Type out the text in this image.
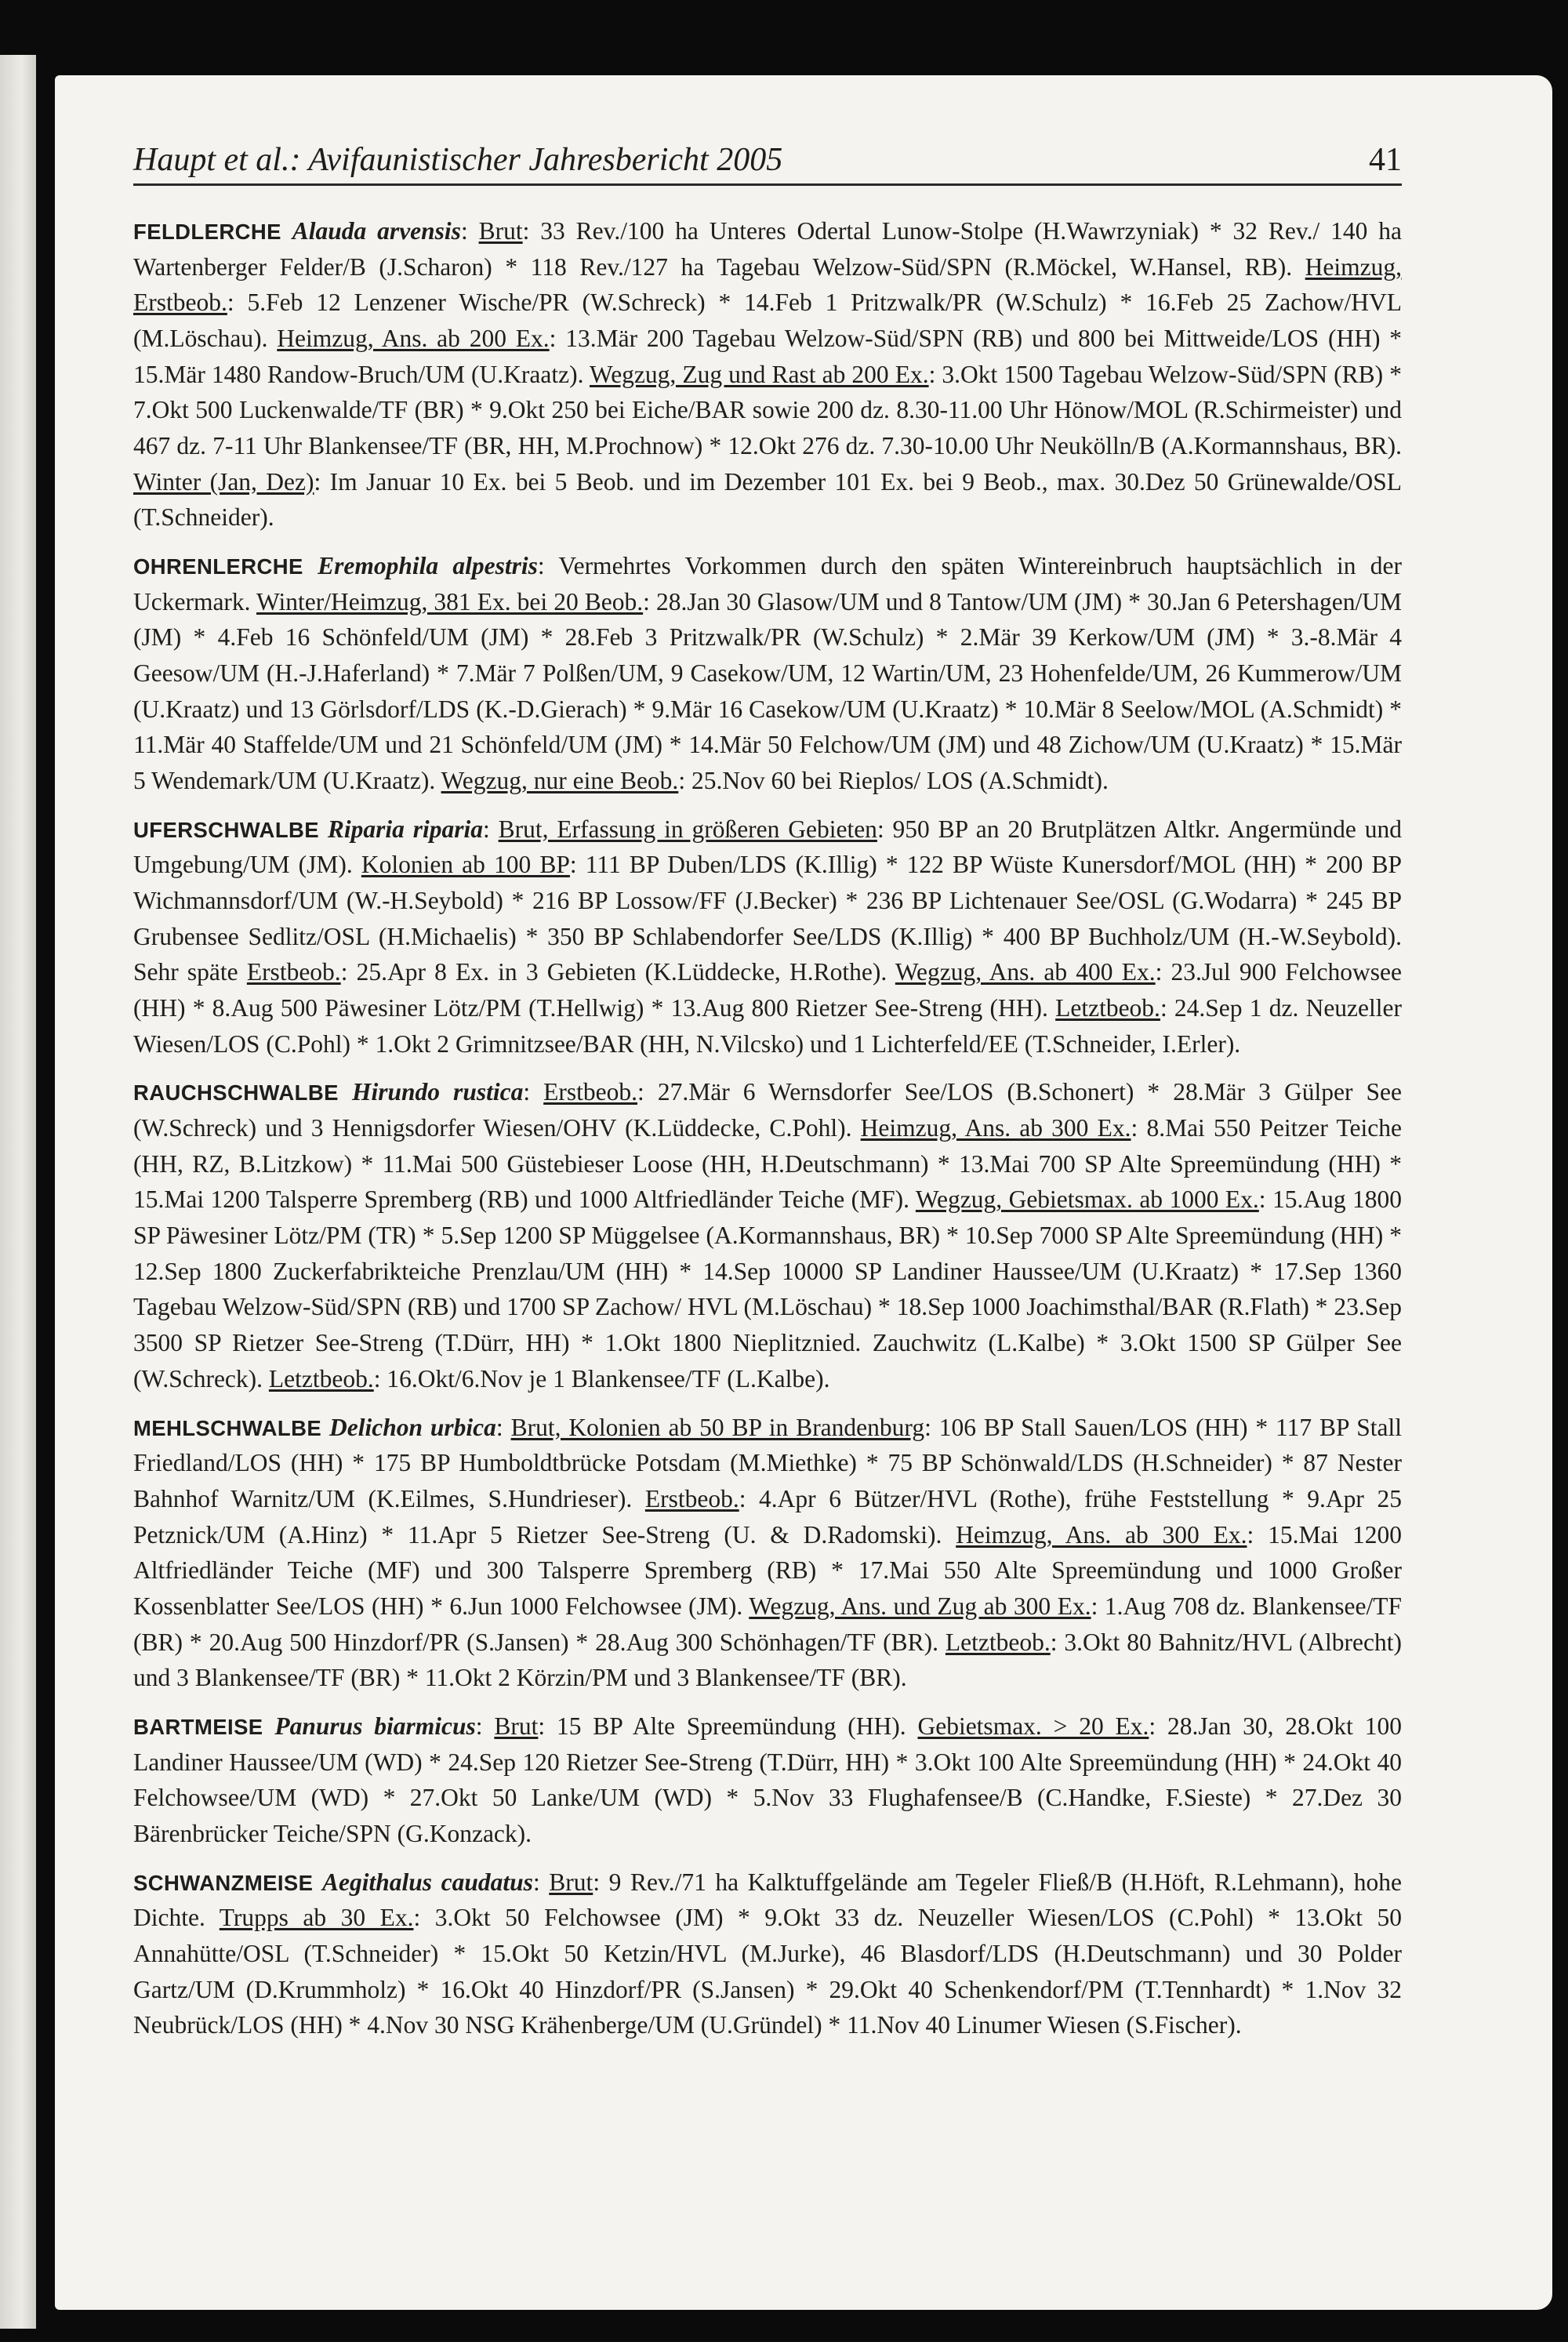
Haupt et al.: Avifaunistischer Jahresbericht 2005	41

FELDLERCHE Alauda arvensis: Brut: 33 Rev./100 ha Unteres Odertal Lunow-Stolpe (H.Wawrzyniak) * 32 Rev./ 140 ha Wartenberger Felder/B (J.Scharon) * 118 Rev./127 ha Tagebau Welzow-Süd/SPN (R.Möckel, W.Hansel, RB). Heimzug, Erstbeob.: 5.Feb 12 Lenzener Wische/PR (W.Schreck) * 14.Feb 1 Pritzwalk/PR (W.Schulz) * 16.Feb 25 Zachow/HVL (M.Löschau). Heimzug, Ans. ab 200 Ex.: 13.Mär 200 Tagebau Welzow-Süd/SPN (RB) und 800 bei Mittweide/LOS (HH) * 15.Mär 1480 Randow-Bruch/UM (U.Kraatz). Wegzug, Zug und Rast ab 200 Ex.: 3.Okt 1500 Tagebau Welzow-Süd/SPN (RB) * 7.Okt 500 Luckenwalde/TF (BR) * 9.Okt 250 bei Eiche/BAR sowie 200 dz. 8.30-11.00 Uhr Hönow/MOL (R.Schirmeister) und 467 dz. 7-11 Uhr Blankensee/TF (BR, HH, M.Prochnow) * 12.Okt 276 dz. 7.30-10.00 Uhr Neukölln/B (A.Kormannshaus, BR). Winter (Jan, Dez): Im Januar 10 Ex. bei 5 Beob. und im Dezember 101 Ex. bei 9 Beob., max. 30.Dez 50 Grünewalde/OSL (T.Schneider).

OHRENLERCHE Eremophila alpestris: Vermehrtes Vorkommen durch den späten Wintereinbruch hauptsächlich in der Uckermark. Winter/Heimzug, 381 Ex. bei 20 Beob.: 28.Jan 30 Glasow/UM und 8 Tantow/UM (JM) * 30.Jan 6 Petershagen/UM (JM) * 4.Feb 16 Schönfeld/UM (JM) * 28.Feb 3 Pritzwalk/PR (W.Schulz) * 2.Mär 39 Kerkow/UM (JM) * 3.-8.Mär 4 Geesow/UM (H.-J.Haferland) * 7.Mär 7 Polßen/UM, 9 Casekow/UM, 12 Wartin/UM, 23 Hohenfelde/UM, 26 Kummerow/UM (U.Kraatz) und 13 Görlsdorf/LDS (K.-D.Gierach) * 9.Mär 16 Casekow/UM (U.Kraatz) * 10.Mär 8 Seelow/MOL (A.Schmidt) * 11.Mär 40 Staffelde/UM und 21 Schönfeld/UM (JM) * 14.Mär 50 Felchow/UM (JM) und 48 Zichow/UM (U.Kraatz) * 15.Mär 5 Wendemark/UM (U.Kraatz). Wegzug, nur eine Beob.: 25.Nov 60 bei Rieplos/ LOS (A.Schmidt).

UFERSCHWALBE Riparia riparia: Brut, Erfassung in größeren Gebieten: 950 BP an 20 Brutplätzen Altkr. Angermünde und Umgebung/UM (JM). Kolonien ab 100 BP: 111 BP Duben/LDS (K.Illig) * 122 BP Wüste Kunersdorf/MOL (HH) * 200 BP Wichmannsdorf/UM (W.-H.Seybold) * 216 BP Lossow/FF (J.Becker) * 236 BP Lichtenauer See/OSL (G.Wodarra) * 245 BP Grubensee Sedlitz/OSL (H.Michaelis) * 350 BP Schlabendorfer See/LDS (K.Illig) * 400 BP Buchholz/UM (H.-W.Seybold). Sehr späte Erstbeob.: 25.Apr 8 Ex. in 3 Gebieten (K.Lüddecke, H.Rothe). Wegzug, Ans. ab 400 Ex.: 23.Jul 900 Felchowsee (HH) * 8.Aug 500 Päwesiner Lötz/PM (T.Hellwig) * 13.Aug 800 Rietzer See-Streng (HH). Letztbeob.: 24.Sep 1 dz. Neuzeller Wiesen/LOS (C.Pohl) * 1.Okt 2 Grimnitzsee/BAR (HH, N.Vilcsko) und 1 Lichterfeld/EE (T.Schneider, I.Erler).

RAUCHSCHWALBE Hirundo rustica: Erstbeob.: 27.Mär 6 Wernsdorfer See/LOS (B.Schonert) * 28.Mär 3 Gülper See (W.Schreck) und 3 Hennigsdorfer Wiesen/OHV (K.Lüddecke, C.Pohl). Heimzug, Ans. ab 300 Ex.: 8.Mai 550 Peitzer Teiche (HH, RZ, B.Litzkow) * 11.Mai 500 Güstebieser Loose (HH, H.Deutschmann) * 13.Mai 700 SP Alte Spreemündung (HH) * 15.Mai 1200 Talsperre Spremberg (RB) und 1000 Altfriedländer Teiche (MF). Wegzug, Gebietsmax. ab 1000 Ex.: 15.Aug 1800 SP Päwesiner Lötz/PM (TR) * 5.Sep 1200 SP Müggelsee (A.Kormannshaus, BR) * 10.Sep 7000 SP Alte Spreemündung (HH) * 12.Sep 1800 Zuckerfabrikteiche Prenzlau/UM (HH) * 14.Sep 10000 SP Landiner Haussee/UM (U.Kraatz) * 17.Sep 1360 Tagebau Welzow-Süd/SPN (RB) und 1700 SP Zachow/ HVL (M.Löschau) * 18.Sep 1000 Joachimsthal/BAR (R.Flath) * 23.Sep 3500 SP Rietzer See-Streng (T.Dürr, HH) * 1.Okt 1800 Nieplitznied. Zauchwitz (L.Kalbe) * 3.Okt 1500 SP Gülper See (W.Schreck). Letztbeob.: 16.Okt/6.Nov je 1 Blankensee/TF (L.Kalbe).

MEHLSCHWALBE Delichon urbica: Brut, Kolonien ab 50 BP in Brandenburg: 106 BP Stall Sauen/LOS (HH) * 117 BP Stall Friedland/LOS (HH) * 175 BP Humboldtbrücke Potsdam (M.Miethke) * 75 BP Schönwald/LDS (H.Schneider) * 87 Nester Bahnhof Warnitz/UM (K.Eilmes, S.Hundrieser). Erstbeob.: 4.Apr 6 Bützer/HVL (Rothe), frühe Feststellung * 9.Apr 25 Petznick/UM (A.Hinz) * 11.Apr 5 Rietzer See-Streng (U. & D.Radomski). Heimzug, Ans. ab 300 Ex.: 15.Mai 1200 Altfriedländer Teiche (MF) und 300 Talsperre Spremberg (RB) * 17.Mai 550 Alte Spreemündung und 1000 Großer Kossenblatter See/LOS (HH) * 6.Jun 1000 Felchowsee (JM). Wegzug, Ans. und Zug ab 300 Ex.: 1.Aug 708 dz. Blankensee/TF (BR) * 20.Aug 500 Hinzdorf/PR (S.Jansen) * 28.Aug 300 Schönhagen/TF (BR). Letztbeob.: 3.Okt 80 Bahnitz/HVL (Albrecht) und 3 Blankensee/TF (BR) * 11.Okt 2 Körzin/PM und 3 Blankensee/TF (BR).

BARTMEISE Panurus biarmicus: Brut: 15 BP Alte Spreemündung (HH). Gebietsmax. > 20 Ex.: 28.Jan 30, 28.Okt 100 Landiner Haussee/UM (WD) * 24.Sep 120 Rietzer See-Streng (T.Dürr, HH) * 3.Okt 100 Alte Spreemündung (HH) * 24.Okt 40 Felchowsee/UM (WD) * 27.Okt 50 Lanke/UM (WD) * 5.Nov 33 Flughafensee/B (C.Handke, F.Sieste) * 27.Dez 30 Bärenbrücker Teiche/SPN (G.Konzack).

SCHWANZMEISE Aegithalus caudatus: Brut: 9 Rev./71 ha Kalktuffgelände am Tegeler Fließ/B (H.Höft, R.Lehmann), hohe Dichte. Trupps ab 30 Ex.: 3.Okt 50 Felchowsee (JM) * 9.Okt 33 dz. Neuzeller Wiesen/LOS (C.Pohl) * 13.Okt 50 Annahütte/OSL (T.Schneider) * 15.Okt 50 Ketzin/HVL (M.Jurke), 46 Blasdorf/LDS (H.Deutschmann) und 30 Polder Gartz/UM (D.Krummholz) * 16.Okt 40 Hinzdorf/PR (S.Jansen) * 29.Okt 40 Schenkendorf/PM (T.Tennhardt) * 1.Nov 32 Neubrück/LOS (HH) * 4.Nov 30 NSG Krähenberge/UM (U.Gründel) * 11.Nov 40 Linumer Wiesen (S.Fischer).
